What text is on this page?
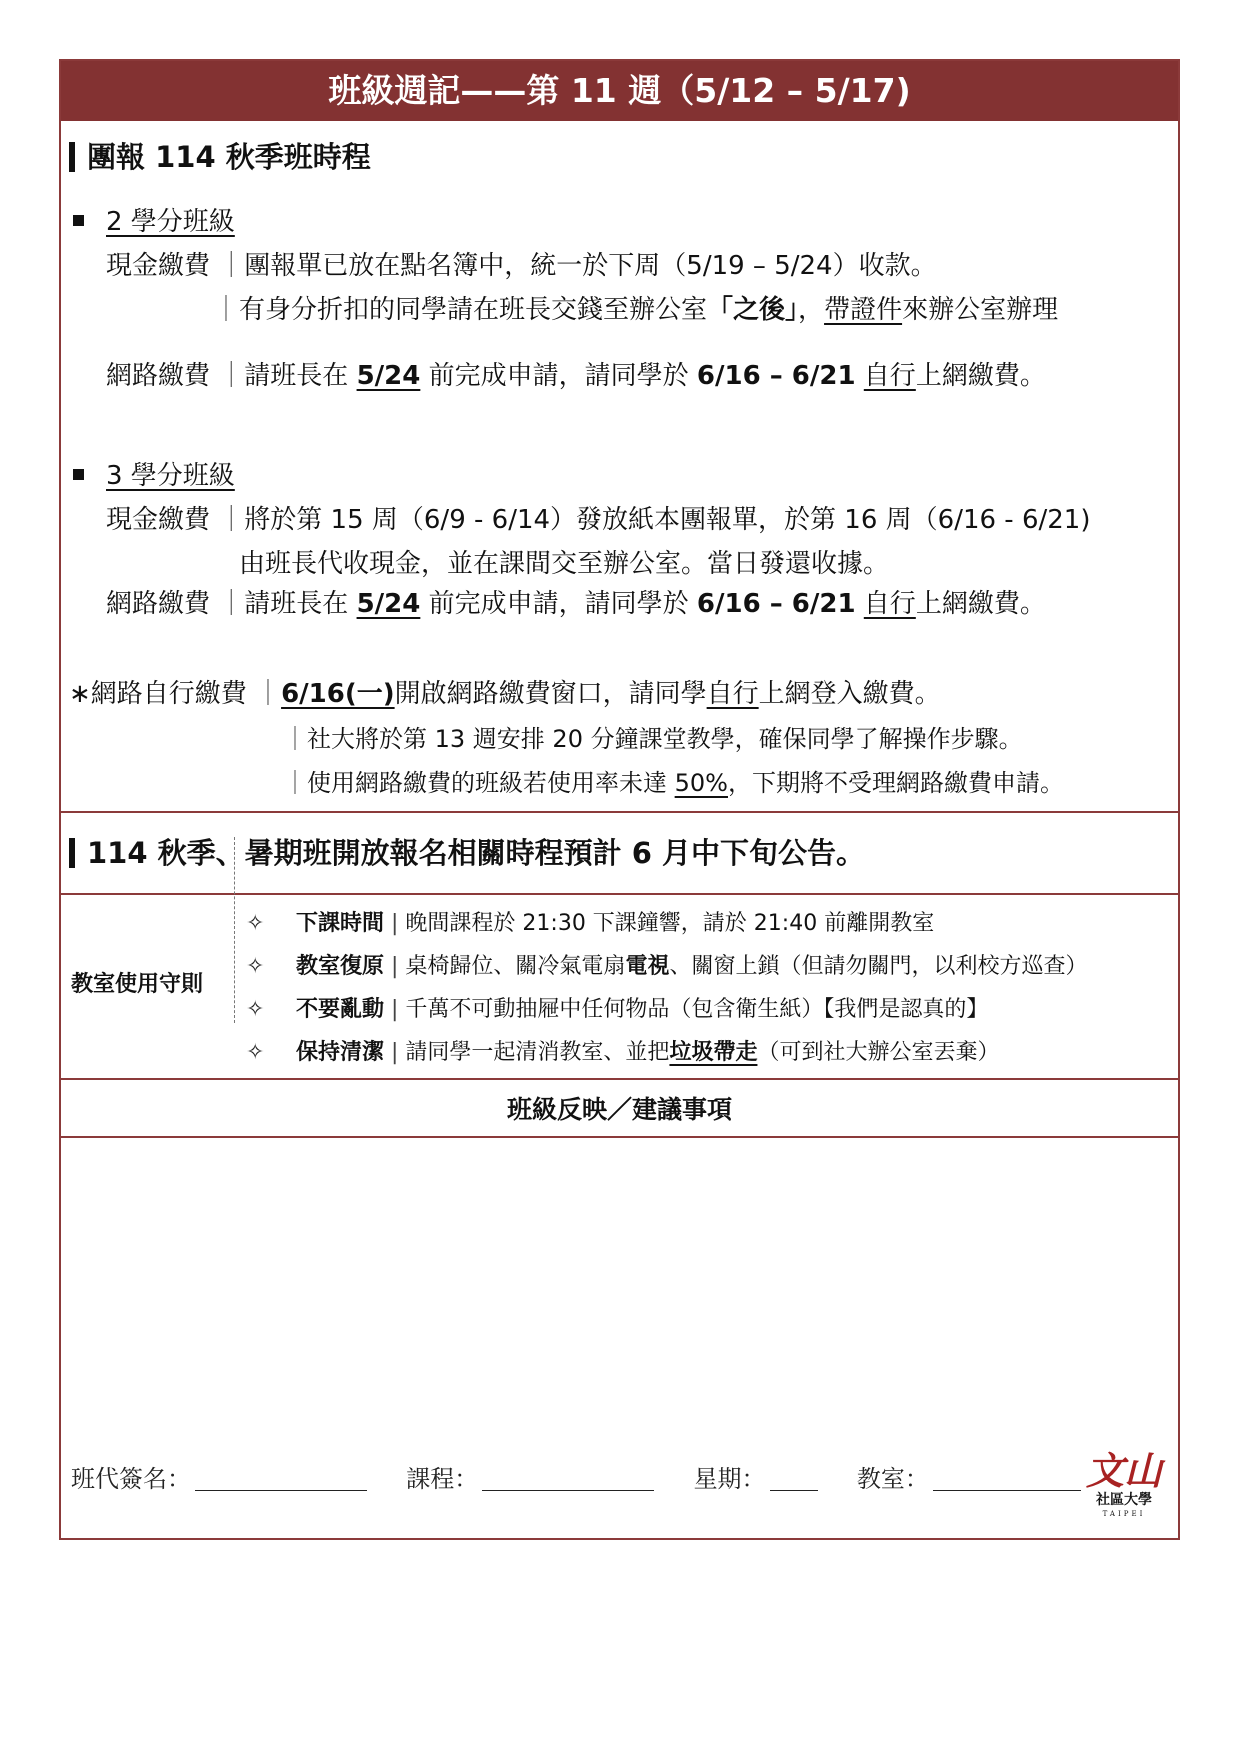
班級週記——第 11 週（5/12 – 5/17)
團報 114 秋季班時程
2 學分班級
現金繳費 ｜團報單已放在點名簿中，統一於下周（5/19 – 5/24）收款。
｜有身分折扣的同學請在班長交錢至辦公室「之後」，帶證件來辦公室辦理
網路繳費 ｜請班長在 5/24 前完成申請，請同學於 6/16 – 6/21 自行上網繳費。
3 學分班級
現金繳費 ｜將於第 15 周（6/9 - 6/14）發放紙本團報單，於第 16 周（6/16 - 6/21)
由班長代收現金，並在課間交至辦公室。當日發還收據。
網路繳費 ｜請班長在 5/24 前完成申請，請同學於 6/16 – 6/21 自行上網繳費。
∗網路自行繳費 ｜6/16(一)開啟網路繳費窗口，請同學自行上網登入繳費。
｜社大將於第 13 週安排 20 分鐘課堂教學，確保同學了解操作步驟。
｜使用網路繳費的班級若使用率未達 50%，下期將不受理網路繳費申請。
114 秋季、暑期班開放報名相關時程預計 6 月中下旬公告。
教室使用守則
✧ 下課時間 | 晚間課程於 21:30 下課鐘響，請於 21:40 前離開教室
✧ 教室復原 | 桌椅歸位、關冷氣電扇電視、關窗上鎖（但請勿關門，以利校方巡查）
✧ 不要亂動 | 千萬不可動抽屜中任何物品（包含衛生紙）【我們是認真的】
✧ 保持清潔 | 請同學一起清消教室、並把垃圾帶走（可到社大辦公室丟棄）
班級反映／建議事項
班代簽名：	課程：	星期：	教室：	文山
社區大學
TAIPEI
